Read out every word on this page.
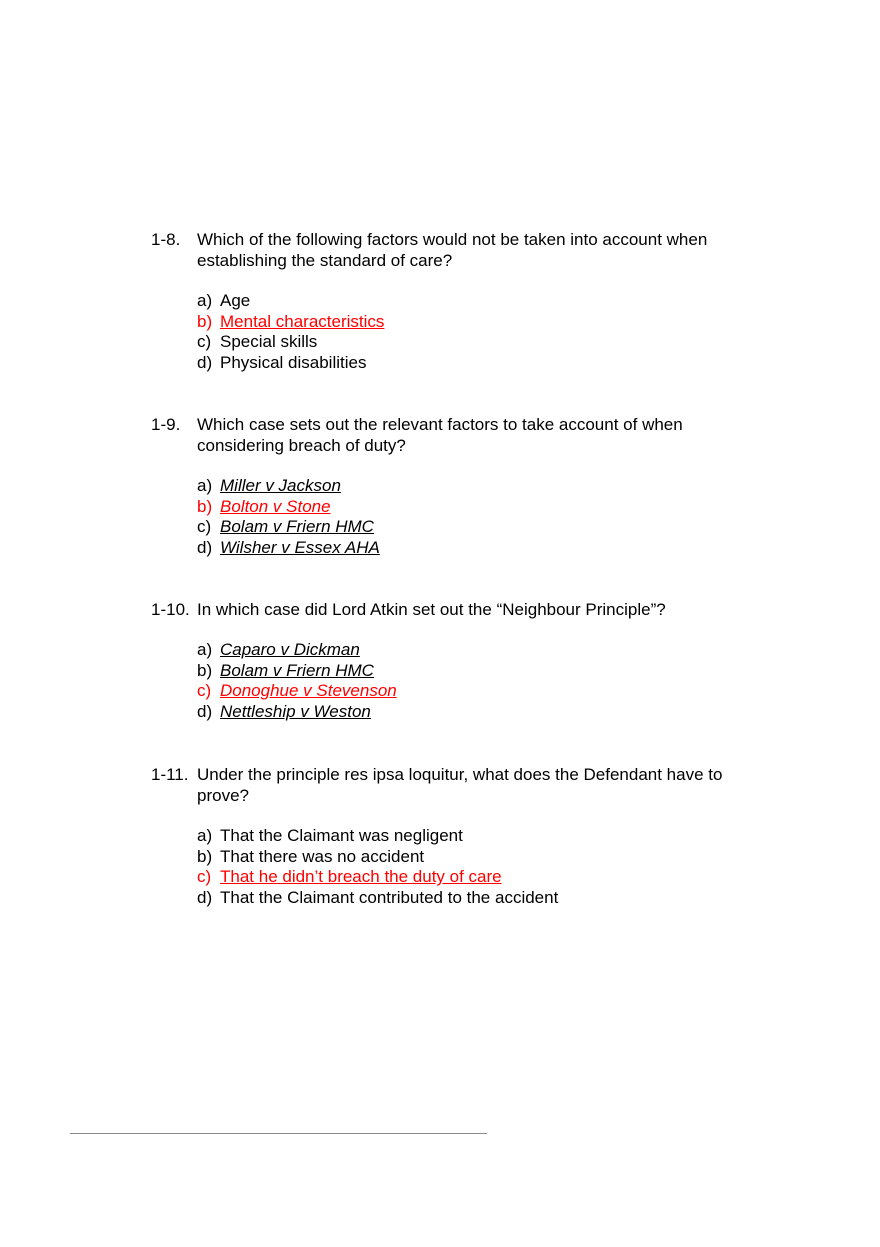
1-8. Which of the following factors would not be taken into account when establishing the standard of care?
a) Age
b) Mental characteristics
c) Special skills
d) Physical disabilities
1-9. Which case sets out the relevant factors to take account of when considering breach of duty?
a) Miller v Jackson
b) Bolton v Stone
c) Bolam v Friern HMC
d) Wilsher v Essex AHA
1-10. In which case did Lord Atkin set out the “Neighbour Principle”?
a) Caparo v Dickman
b) Bolam v Friern HMC
c) Donoghue v Stevenson
d) Nettleship v Weston
1-11. Under the principle res ipsa loquitur, what does the Defendant have to prove?
a) That the Claimant was negligent
b) That there was no accident
c) That he didn’t breach the duty of care
d) That the Claimant contributed to the accident
